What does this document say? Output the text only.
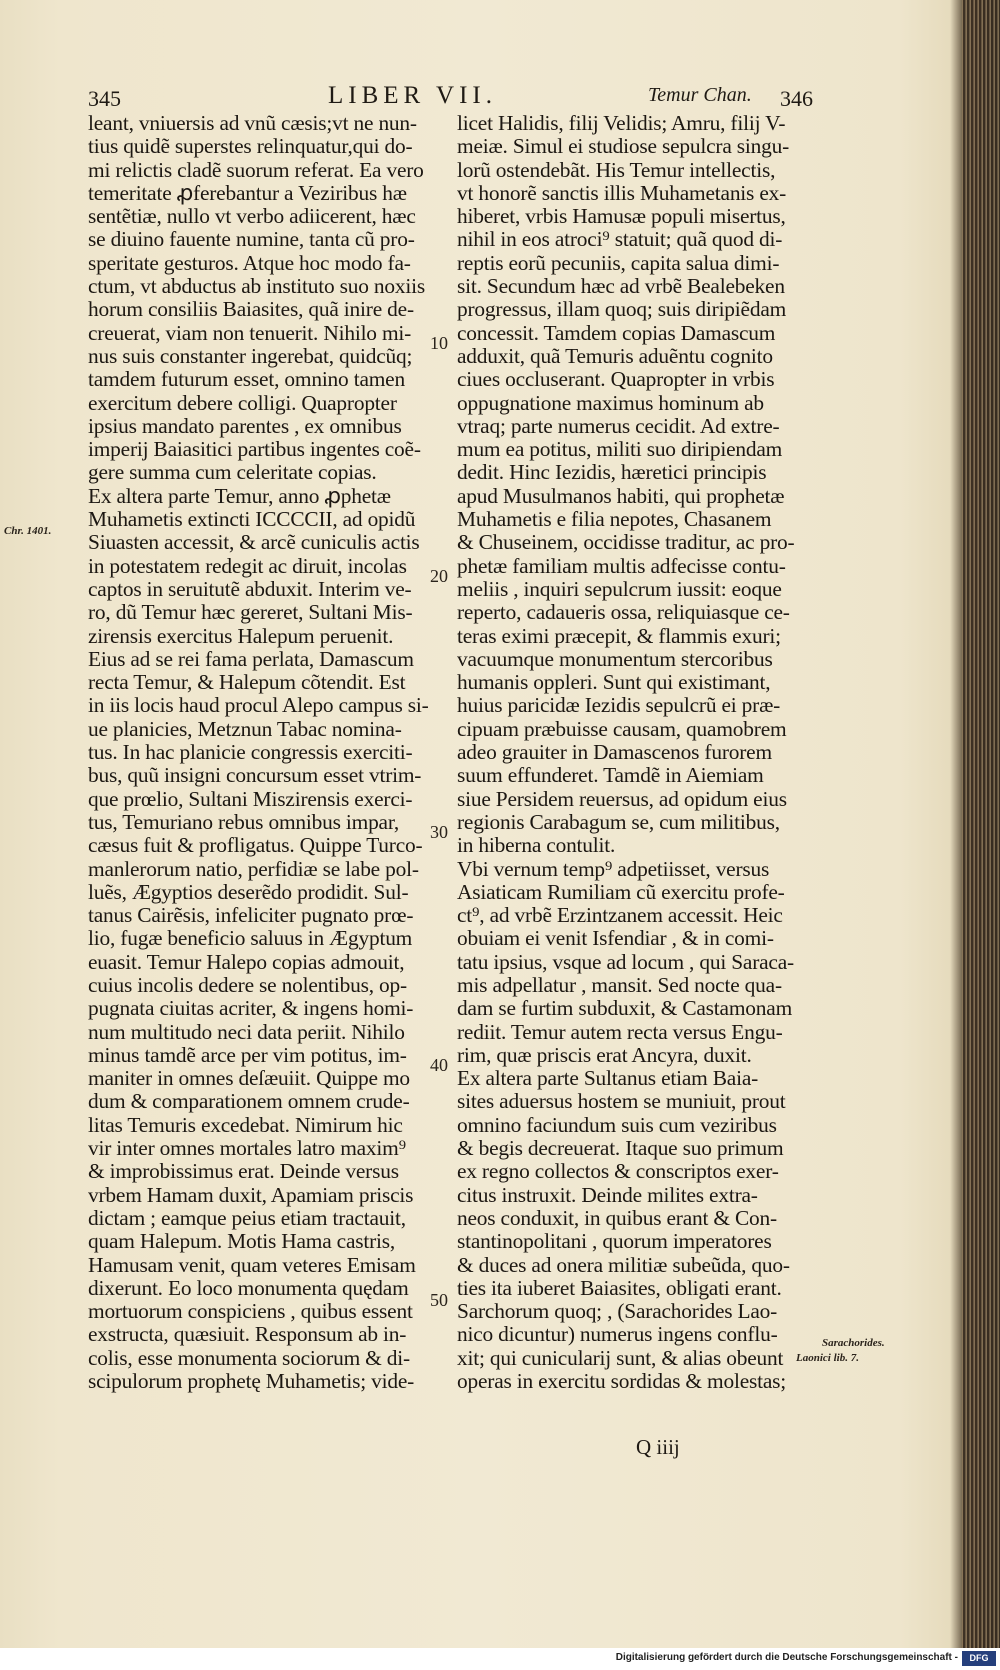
345	LIBER VII.	Temur Chan. 346
leant, vniuersis ad vnũ cæsis;vt ne nun-
tius quidẽ superstes relinquatur,qui do-
mi relictis cladẽ suorum referat. Ea vero
temeritate ꝓferebantur a Veziribus hæ
sentẽtiæ, nullo vt verbo adiicerent, hæc
se diuino fauente numine, tanta cũ pro-
speritate gesturos. Atque hoc modo fa-
ctum, vt abductus ab instituto suo noxiis
horum consiliis Baiasites, quã inire de-
creuerat, viam non tenuerit. Nihilo mi-
nus suis constanter ingerebat, quidcũq;
tamdem futurum esset, omnino tamen
exercitum debere colligi. Quapropter
ipsius mandato parentes , ex omnibus
imperij Baiasitici partibus ingentes coẽ-
gere summa cum celeritate copias.
Ex altera parte Temur, anno ꝓphetæ
Muhametis extincti ICCCCII, ad opidũ
Siuasten accessit, & arcẽ cuniculis actis
in potestatem redegit ac diruit, incolas
captos in seruitutẽ abduxit. Interim ve-
ro, dũ Temur hæc gereret, Sultani Mis-
zirensis exercitus Halepum peruenit.
Eius ad se rei fama perlata, Damascum
recta Temur, & Halepum cõtendit. Est
in iis locis haud procul Alepo campus si-
ue planicies, Metznun Tabac nomina-
tus. In hac planicie congressis exerciti-
bus, quũ insigni concursum esset vtrim-
que prœlio, Sultani Miszirensis exerci-
tus, Temuriano rebus omnibus impar,
cæsus fuit & profligatus. Quippe Turco-
manlerorum natio, perfidiæ se labe pol-
luẽs, Ægyptios deserẽdo prodidit. Sul-
tanus Cairẽsis, infeliciter pugnato prœ-
lio, fugæ beneficio saluus in Ægyptum
euasit. Temur Halepo copias admouit,
cuius incolis dedere se nolentibus, op-
pugnata ciuitas acriter, & ingens homi-
num multitudo neci data periit. Nihilo
minus tamdẽ arce per vim potitus, im-
maniter in omnes deſæuiit. Quippe mo
dum & comparationem omnem crude-
litas Temuris excedebat. Nimirum hic
vir inter omnes mortales latro maxim⁹
& improbissimus erat. Deinde versus
vrbem Hamam duxit, Apamiam priscis
dictam ; eamque peius etiam tractauit,
quam Halepum. Motis Hama castris,
Hamusam venit, quam veteres Emisam
dixerunt. Eo loco monumenta quędam
mortuorum conspiciens , quibus essent
exstructa, quæsiuit. Responsum ab in-
colis, esse monumenta sociorum & di-
scipulorum prophetę Muhametis; vide-
licet Halidis, filij Velidis; Amru, filij V-
meiæ. Simul ei studiose sepulcra singu-
lorũ ostendebãt. His Temur intellectis,
vt honorẽ sanctis illis Muhametanis ex-
hiberet, vrbis Hamusæ populi misertus,
nihil in eos atroci⁹ statuit; quã quod di-
reptis eorũ pecuniis, capita salua dimi-
sit. Secundum hæc ad vrbẽ Bealebeken
progressus, illam quoq; suis diripiẽdam
concessit. Tamdem copias Damascum
adduxit, quã Temuris aduẽntu cognito
ciues occluserant. Quapropter in vrbis
oppugnatione maximus hominum ab
vtraq; parte numerus cecidit. Ad extre-
mum ea potitus, militi suo diripiendam
dedit. Hinc Iezidis, hæretici principis
apud Musulmanos habiti, qui prophetæ
Muhametis e filia nepotes, Chasanem
& Chuseinem, occidisse traditur, ac pro-
phetæ familiam multis adfecisse contu-
meliis , inquiri sepulcrum iussit: eoque
reperto, cadaueris ossa, reliquiasque ce-
teras eximi præcepit, & flammis exuri;
vacuumque monumentum stercoribus
humanis oppleri. Sunt qui existimant,
huius paricidæ Iezidis sepulcrũ ei præ-
cipuam præbuisse causam, quamobrem
adeo grauiter in Damascenos furorem
suum effunderet. Tamdẽ in Aiemiam
siue Persidem reuersus, ad opidum eius
regionis Carabagum se, cum militibus,
in hiberna contulit.
Vbi vernum temp⁹ adpetiisset, versus
Asiaticam Rumiliam cũ exercitu profe-
ct⁹, ad vrbẽ Erzintzanem accessit. Heic
obuiam ei venit Isfendiar , & in comi-
tatu ipsius, vsque ad locum , qui Saraca-
mis adpellatur , mansit. Sed nocte qua-
dam se furtim subduxit, & Castamonam
rediit. Temur autem recta versus Engu-
rim, quæ priscis erat Ancyra, duxit.
Ex altera parte Sultanus etiam Baia-
sites aduersus hostem se muniuit, prout
omnino faciundum suis cum veziribus
& begis decreuerat. Itaque suo primum
ex regno collectos & conscriptos exer-
citus instruxit. Deinde milites extra-
neos conduxit, in quibus erant & Con-
stantinopolitani , quorum imperatores
& duces ad onera militiæ subeũda, quo-
ties ita iuberet Baiasites, obligati erant.
Sarchorum quoq; , (Sarachorides Lao-
nico dicuntur) numerus ingens conflu-
xit; qui cunicularij sunt, & alias obeunt
operas in exercitu sordidas & molestas;
10
20
30
40
50
Chr. 1401.
Sarachorides.
Laonici lib. 7.
Q iiij
Digitalisierung gefördert durch die Deutsche Forschungsgemeinschaft -	DFG
